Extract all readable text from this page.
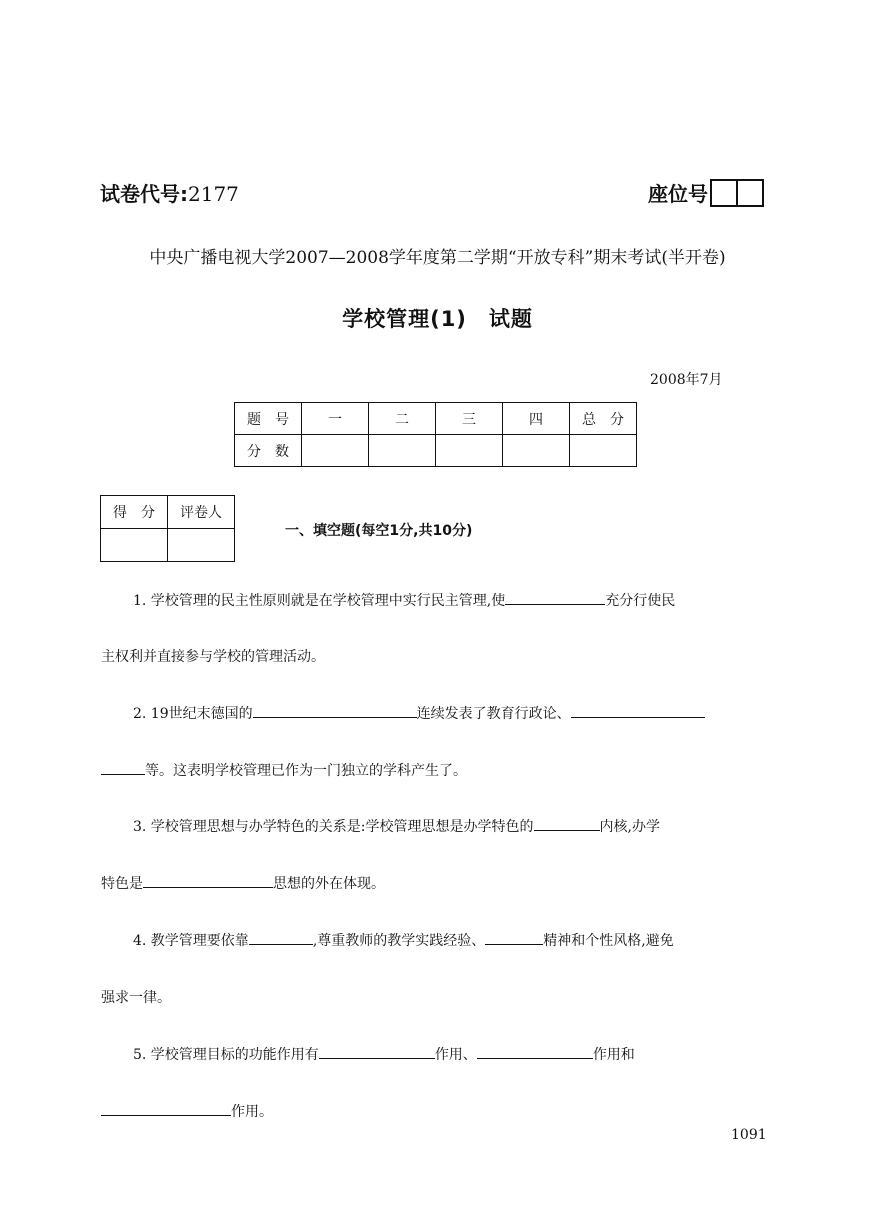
试卷代号:2177	座位号
中央广播电视大学2007—2008学年度第二学期“开放专科”期末考试(半开卷)
学校管理(1)　试题
2008年7月
题　号	一	二	三	四	总　分
分　数					
得　分	评卷人

一、填空题(每空1分,共10分)
1. 学校管理的民主性原则就是在学校管理中实行民主管理,使	充分行使民
主权利并直接参与学校的管理活动。
2. 19世纪末德国的	连续发表了教育行政论、
等。这表明学校管理已作为一门独立的学科产生了。
3. 学校管理思想与办学特色的关系是:学校管理思想是办学特色的	内核,办学
特色是	思想的外在体现。
4. 教学管理要依靠	,尊重教师的教学实践经验、	精神和个性风格,避免
强求一律。
5. 学校管理目标的功能作用有	作用、	作用和
作用。
1091
